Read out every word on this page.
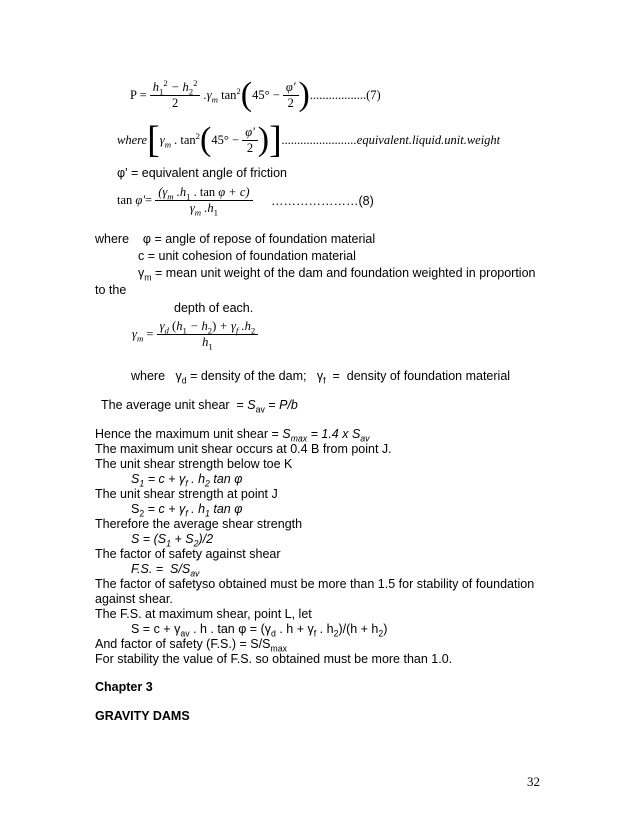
$P = \frac{h_1^2 - h_2^2}{2} .\gamma_m$ $\tan^2$ ( $45^\circ - \frac{\varphi'}{2}$ ) ..................(7)
where [ $\gamma_m$ . $\tan^2$ ( $45^\circ - \frac{\varphi'}{2}$ ) ] ........................equivalent.liquid.unit.weight
φ' = equivalent angle of friction
$\tan \varphi' = \frac{(\gamma_m .h_1 . \tan \varphi + c)}{\gamma_m .h_1}$ …………………(8)
where    φ = angle of repose of foundation material
c = unit cohesion of foundation material
$\gamma_m$ = mean unit weight of the dam and foundation weighted in proportion
to the
depth of each.
$\gamma_m = \frac{\gamma_d (h_1 - h_2) + \gamma_f .h_2}{h_1}$
where   $\gamma_d$ = density of the dam;   $\gamma_f$  =  density of foundation material
The average unit shear  = $S_{av} = P/b$
Hence the maximum unit shear = $S_{max} = 1.4$ x $S_{av}$
The maximum unit shear occurs at 0.4 B from point J.
The unit shear strength below toe K
$S_1 = c + \gamma_f$ . $h_2$ tan φ
The unit shear strength at point J
$S_2 = c + \gamma_f$ . $h_1$ tan φ
Therefore the average shear strength
$S = (S_1 + S_2)/2$
The factor of safety against shear
F.S. =  $S/S_{av}$
The factor of safetyso obtained must be more than 1.5 for stability of foundation
against shear.
The F.S. at maximum shear, point L, let
$S = c + \gamma_{av}$ . h . $\tan \varphi = (\gamma_d$ . $h + \gamma_f$ . $h_2)/(h + h_2)$
And factor of safety $(F.S.) = S/S_{max}$
For stability the value of F.S. so obtained must be more than 1.0.
Chapter 3
GRAVITY DAMS
32
